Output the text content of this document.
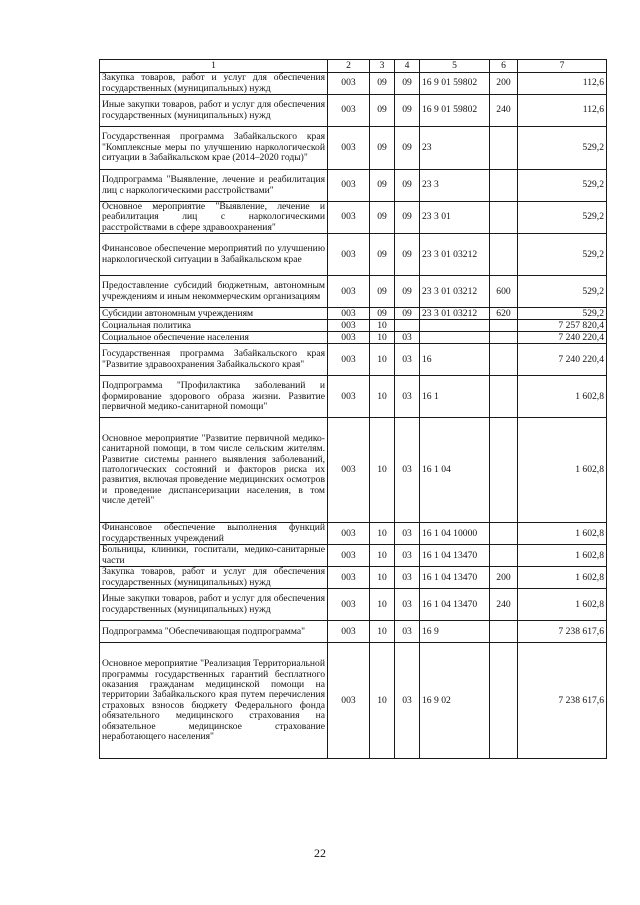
1	2	3	4	5	6	7
Закупка товаров, работ и услуг для обеспечения государственных (муниципальных) нужд	003	09	09	16 9 01 59802	200	112,6
Иные закупки товаров, работ и услуг для обеспечения государственных (муниципальных) нужд	003	09	09	16 9 01 59802	240	112,6
Государственная программа Забайкальского края "Комплексные меры по улучшению наркологической ситуации в Забайкальском крае (2014–2020 годы)"	003	09	09	23		529,2
Подпрограмма "Выявление, лечение и реабилитация лиц с наркологическими расстройствами"	003	09	09	23 3		529,2
Основное мероприятие "Выявление, лечение и реабилитация лиц с наркологическими расстройствами в сфере здравоохранения"	003	09	09	23 3 01		529,2
Финансовое обеспечение мероприятий по улучшению наркологической ситуации в Забайкальском крае	003	09	09	23 3 01 03212		529,2
Предоставление субсидий бюджетным, автономным учреждениям и иным некоммерческим организациям	003	09	09	23 3 01 03212	600	529,2
Субсидии автономным учреждениям	003	09	09	23 3 01 03212	620	529,2
Социальная политика	003	10				7 257 820,4
Социальное обеспечение населения	003	10	03			7 240 220,4
Государственная программа Забайкальского края "Развитие здравоохранения Забайкальского края"	003	10	03	16		7 240 220,4
Подпрограмма "Профилактика заболеваний и формирование здорового образа жизни. Развитие первичной медико-санитарной помощи"	003	10	03	16 1		1 602,8
Основное мероприятие "Развитие первичной медико-санитарной помощи, в том числе сельским жителям. Развитие системы раннего выявления заболеваний, патологических состояний и факторов риска их развития, включая проведение медицинских осмотров и проведение диспансеризации населения, в том числе детей"	003	10	03	16 1 04		1 602,8
Финансовое обеспечение выполнения функций государственных учреждений	003	10	03	16 1 04 10000		1 602,8
Больницы, клиники, госпитали, медико-санитарные части	003	10	03	16 1 04 13470		1 602,8
Закупка товаров, работ и услуг для обеспечения государственных (муниципальных) нужд	003	10	03	16 1 04 13470	200	1 602,8
Иные закупки товаров, работ и услуг для обеспечения государственных (муниципальных) нужд	003	10	03	16 1 04 13470	240	1 602,8
Подпрограмма "Обеспечивающая подпрограмма"	003	10	03	16 9		7 238 617,6
Основное мероприятие "Реализация Территориальной программы государственных гарантий бесплатного оказания гражданам медицинской помощи на территории Забайкальского края путем перечисления страховых взносов бюджету Федерального фонда обязательного медицинского страхования на обязательное медицинское страхование неработающего населения"	003	10	03	16 9 02		7 238 617,6
22
